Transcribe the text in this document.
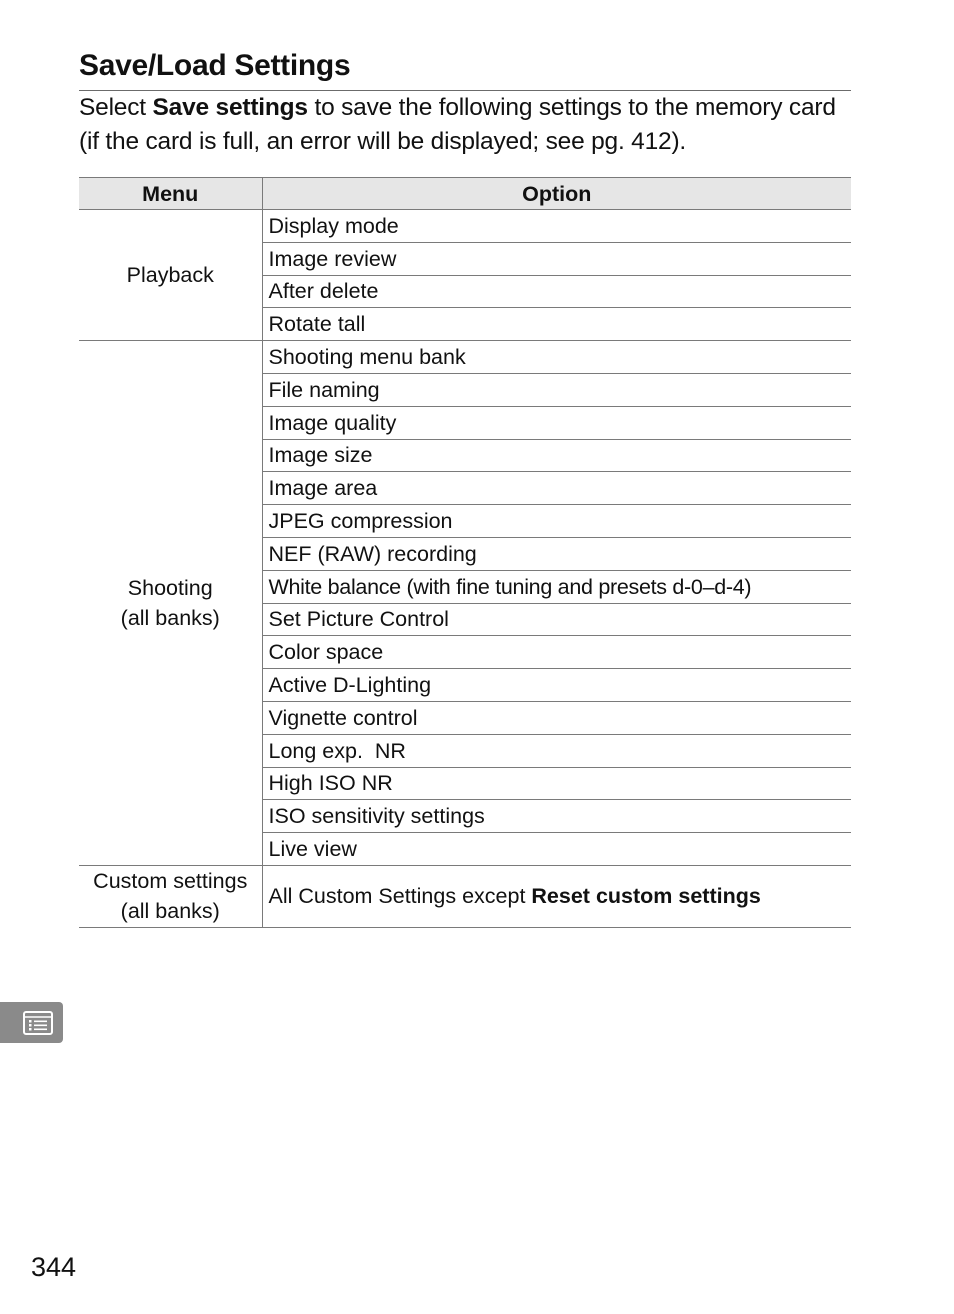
Save/Load Settings

Select Save settings to save the following settings to the memory card (if the card is full, an error will be displayed; see pg. 412).

Menu	Option
Playback	Display mode
	Image review
	After delete
	Rotate tall
Shooting
(all banks)	Shooting menu bank
	File naming
	Image quality
	Image size
	Image area
	JPEG compression
	NEF (RAW) recording
	White balance (with fine tuning and presets d-0–d-4)
	Set Picture Control
	Color space
	Active D-Lighting
	Vignette control
	Long exp.  NR
	High ISO NR
	ISO sensitivity settings
	Live view
Custom settings
(all banks)	All Custom Settings except Reset custom settings
344
